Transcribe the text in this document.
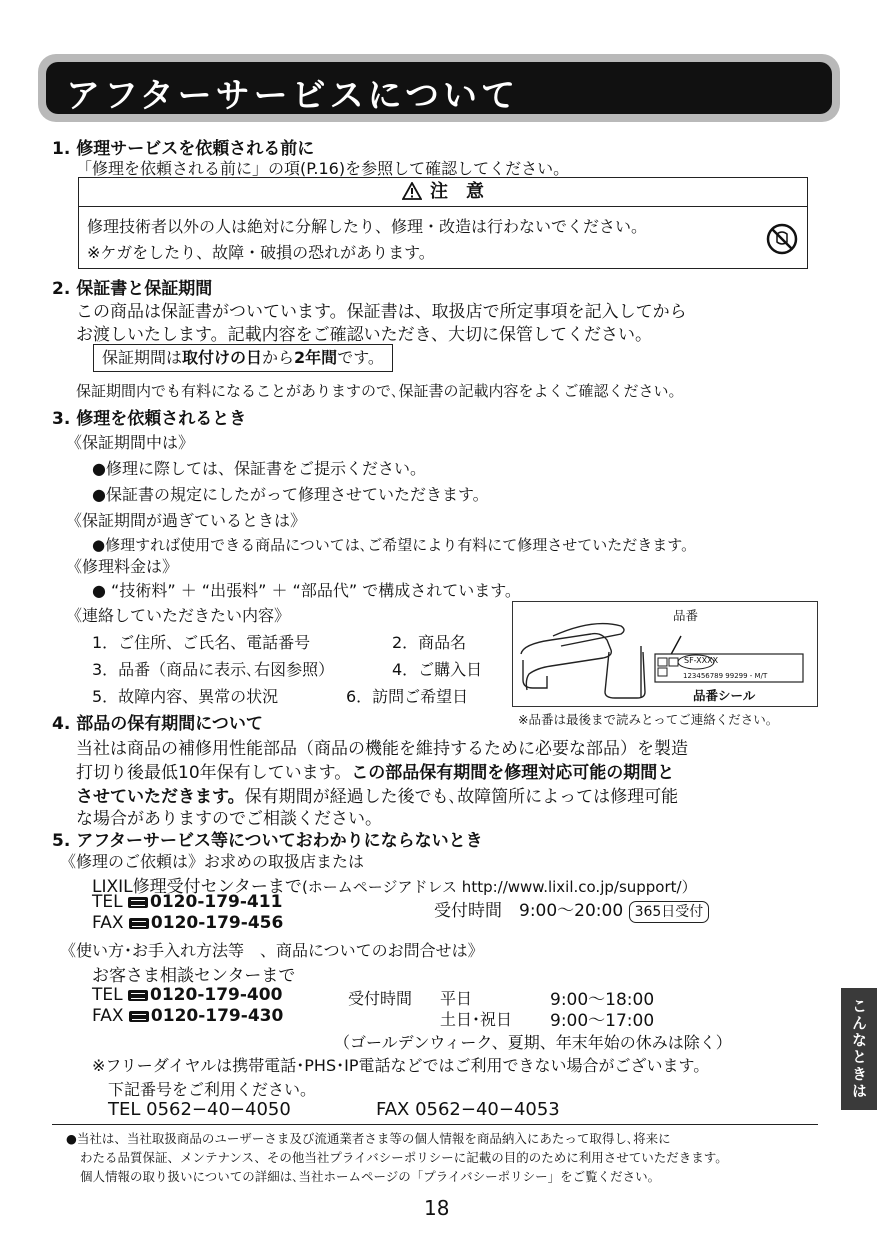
アフターサービスについて
1. 修理サービスを依頼される前に
「修理を依頼される前に」の項(P.16)を参照して確認してください。
注　意
修理技術者以外の人は絶対に分解したり、修理・改造は行わないでください。
※ケガをしたり、故障・破損の恐れがあります。
2. 保証書と保証期間
この商品は保証書がついています。保証書は、取扱店で所定事項を記入してから
お渡しいたします。記載内容をご確認いただき、大切に保管してください。
保証期間は取付けの日から2年間です。
保証期間内でも有料になることがありますので､保証書の記載内容をよくご確認ください。
3. 修理を依頼されるとき
《保証期間中は》
●修理に際しては、保証書をご提示ください。
●保証書の規定にしたがって修理させていただきます。
《保証期間が過ぎているときは》
●修理すれば使用できる商品については､ご希望により有料にて修理させていただきます。
《修理料金は》
● “技術料” ＋ “出張料” ＋ “部品代” で構成されています。
《連絡していただきたい内容》
1．ご住所、ご氏名、電話番号	2．商品名
3．品番（商品に表示､右図参照）	4．ご購入日
5．故障内容、異常の状況	6．訪問ご希望日
品番
SF-XXXX
123456789 99299 - M/T
品番シール
※品番は最後まで読みとってご連絡ください。
4. 部品の保有期間について
当社は商品の補修用性能部品（商品の機能を維持するために必要な部品）を製造
打切り後最低10年保有しています。この部品保有期間を修理対応可能の期間と
させていただきます。保有期間が経過した後でも､故障箇所によっては修理可能
な場合がありますのでご相談ください。
5. アフターサービス等についておわかりにならないとき
《修理のご依頼は》お求めの取扱店または
LIXIL修理受付センターまで(ホームページアドレス http://www.lixil.co.jp/support/）
TEL 0120-179-411
FAX 0120-179-456
受付時間　 9:00～20:00 365日受付
《使い方･お手入れ方法等　、商品についてのお問合せは》
お客さま相談センターまで
TEL 0120-179-400
FAX 0120-179-430
受付時間 平日	9:00～18:00
土日･祝日 9:00～17:00
（ゴールデンウィーク、夏期、年末年始の休みは除く）
※フリーダイヤルは携帯電話･PHS･IP電話などではご利用できない場合がございます。
下記番号をご利用ください。
TEL 0562−40−4050	FAX 0562−40−4053
●当社は、当社取扱商品のユーザーさま及び流通業者さま等の個人情報を商品納入にあたって取得し､将来に
わたる品質保証、メンテナンス、その他当社プライバシーポリシーに記載の目的のために利用させていただきます。
個人情報の取り扱いについての詳細は､当社ホームページの「プライバシーポリシー」をご覧ください。
18
こんなときは
